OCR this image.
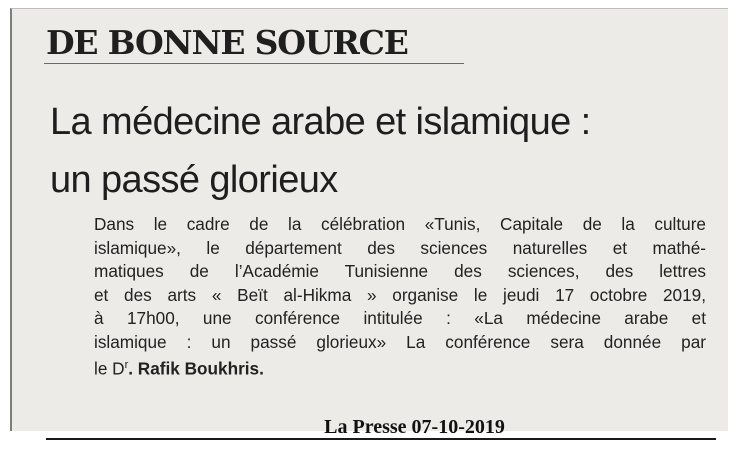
DE BONNE SOURCE
La médecine arabe et islamique :
un passé glorieux

Dans le cadre de la célébration «Tunis, Capitale de la culture
islamique», le département des sciences naturelles et mathé-
matiques de l’Académie Tunisienne des sciences, des lettres
et des arts « Beït al-Hikma » organise le jeudi 17 octobre 2019,
à 17h00, une conférence intitulée : «La médecine arabe et
islamique : un passé glorieux» La conférence sera donnée par
le $D^r$. Rafik Boukhris.

La Presse 07-10-2019
